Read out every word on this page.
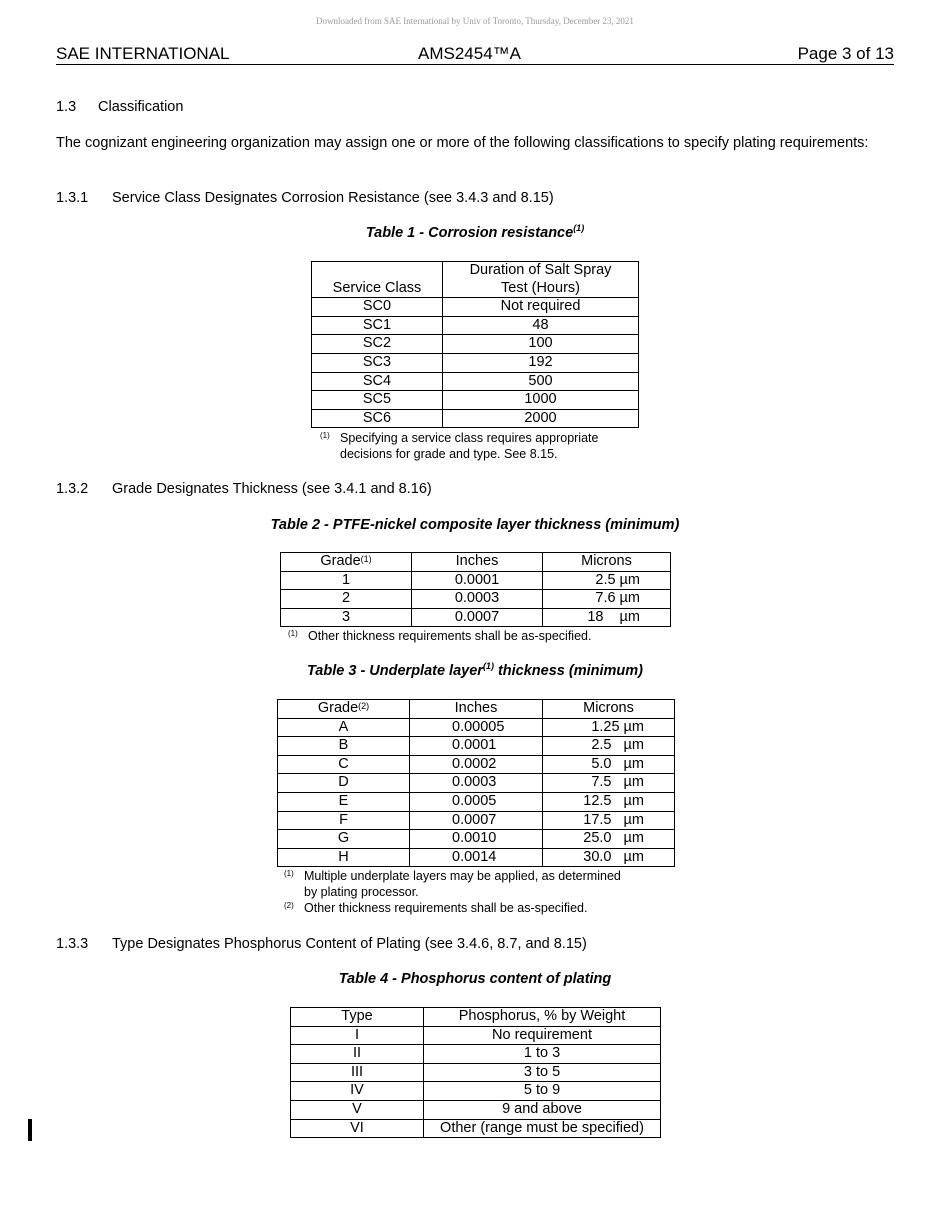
Downloaded from SAE International by Univ of Toronto, Thursday, December 23, 2021
SAE INTERNATIONAL	AMS2454™A	Page 3 of 13
1.3 Classification
The cognizant engineering organization may assign one or more of the following classifications to specify plating requirements:
1.3.1 Service Class Designates Corrosion Resistance (see 3.4.3 and 8.15)
Table 1 - Corrosion resistance$^{(1)}$
Service Class	Duration of Salt Spray
Test (Hours)

SC0	Not required
SC1	48
SC2	100
SC3	192
SC4	500
SC5	1000
SC6	2000
(1) Specifying a service class requires appropriate
decisions for grade and type. See 8.15.
1.3.2 Grade Designates Thickness (see 3.4.1 and 8.16)
Table 2 - PTFE-nickel composite layer thickness (minimum)
Grade$^{(1)}$	Inches	Microns
1	0.0001	2.5 µm
2	0.0003	7.6 µm
3	0.0007	18    µm
(1) Other thickness requirements shall be as-specified.
Table 3 - Underplate layer$^{(1)}$ thickness (minimum)
Grade$^{(2)}$	Inches	Microns
A	0.00005	1.25 µm
B	0.0001	2.5   µm
C	0.0002	5.0   µm
D	0.0003	7.5   µm
E	0.0005	12.5   µm
F	0.0007	17.5   µm
G	0.0010	25.0   µm
H	0.0014	30.0   µm
(1) Multiple underplate layers may be applied, as determined
by plating processor.
(2) Other thickness requirements shall be as-specified.
1.3.3 Type Designates Phosphorus Content of Plating (see 3.4.6, 8.7, and 8.15)
Table 4 - Phosphorus content of plating
Type	Phosphorus, % by Weight
I	No requirement
II	1 to 3
III	3 to 5
IV	5 to 9
V	9 and above
VI	Other (range must be specified)
